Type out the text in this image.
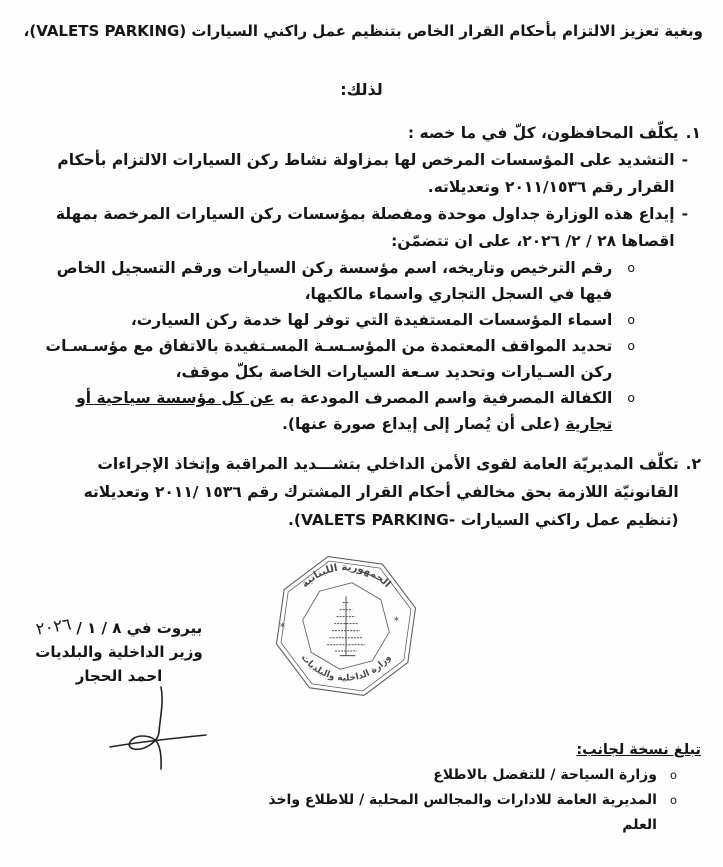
وبغية تعزيز الالتزام بأحكام القرار الخاص بتنظيم عمل راكني السيارات (VALETS PARKING)،
لذلك:
١.
يكلّف المحافظون، كلّ في ما خصه :
-
التشديد على المؤسسات المرخص لها بمزاولة نشاط ركن السيارات الالتزام بأحكام القرار رقم ٢٠١١/١٥٣٦ وتعديلاته.
-
إيداع هذه الوزارة جداول موحدة ومفصلة بمؤسسات ركن السيارات المرخصة بمهلة اقصاها ٢٨ / ٢/ ٢٠٢٦، على ان تتضمّن:
o
رقم الترخيص وتاريخه، اسم مؤسسة ركن السيارات ورقم التسجيل الخاص فيها في السجل التجاري واسماء مالكيها،
o
اسماء المؤسسات المستفيدة التي توفر لها خدمة ركن السيارت،
o
تحديد المواقف المعتمدة من المؤسـسـة المسـتفيدة بالاتفاق مع مؤسـسـات ركن السـيارات وتحديد سـعة السيارات الخاصة بكلّ موقف،
o
الكفالة المصرفية واسم المصرف المودعة به عن كل مؤسسة سياحية أو تجارية (على أن يُصار إلى إيداع صورة عنها).
٢.
تكلّف المديريّة العامة لقوى الأمن الداخلي بتشـــديد المراقبة وإتخاذ الإجراءات القانونيّة اللازمة بحق مخالفي أحكام القرار المشترك رقم ١٥٣٦ /٢٠١١ وتعديلاته (تنظيم عمل راكني السيارات -VALETS PARKING).
الجمهورية اللبنانية
وزارة الداخلية والبلديات
*	*
بيروت في ٨ / ١ / ٢٠٢٦
وزير الداخلية والبلديات
احمد الحجار
تبلغ نسخة لجانب:
o
وزارة السياحة / للتفضل بالاطلاع
o
المديرية العامة للادارات والمجالس المحلية / للاطلاع واخذ العلم
